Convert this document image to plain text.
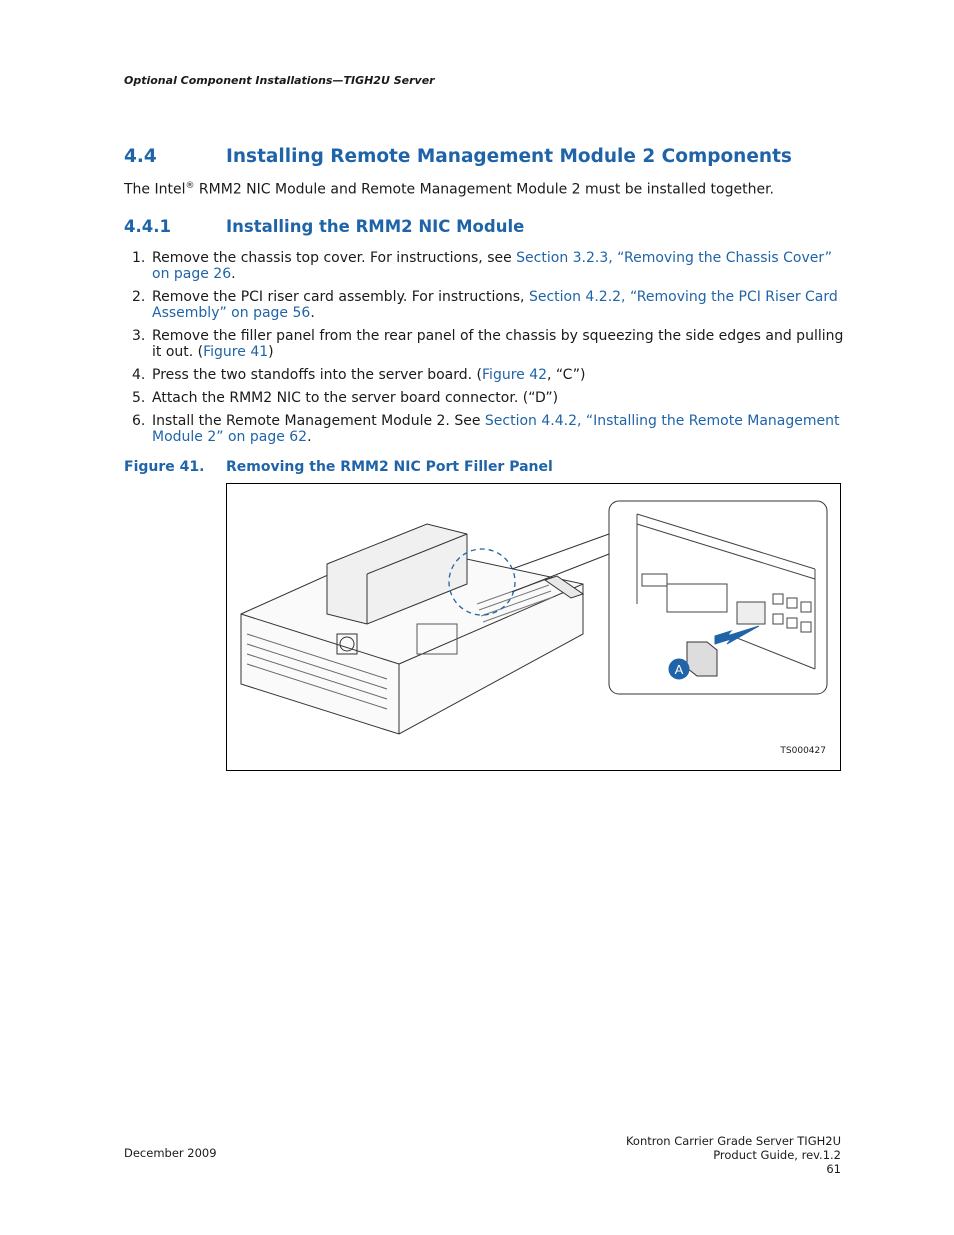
Optional Component Installations—TIGH2U Server
4.4	Installing Remote Management Module 2 Components
The Intel® RMM2 NIC Module and Remote Management Module 2 must be installed together.
4.4.1	Installing the RMM2 NIC Module
1. Remove the chassis top cover. For instructions, see Section 3.2.3, “Removing the Chassis Cover” on page 26.
2. Remove the PCI riser card assembly. For instructions, Section 4.2.2, “Removing the PCI Riser Card Assembly” on page 56.
3. Remove the filler panel from the rear panel of the chassis by squeezing the side edges and pulling it out. (Figure 41)
4. Press the two standoffs into the server board. (Figure 42, “C”)
5. Attach the RMM2 NIC to the server board connector. (“D”)
6. Install the Remote Management Module 2. See Section 4.4.2, “Installing the Remote Management Module 2” on page 62.
Figure 41. Removing the RMM2 NIC Port Filler Panel
A
TS000427
December 2009
Kontron Carrier Grade Server TIGH2U
Product Guide, rev.1.2
61
